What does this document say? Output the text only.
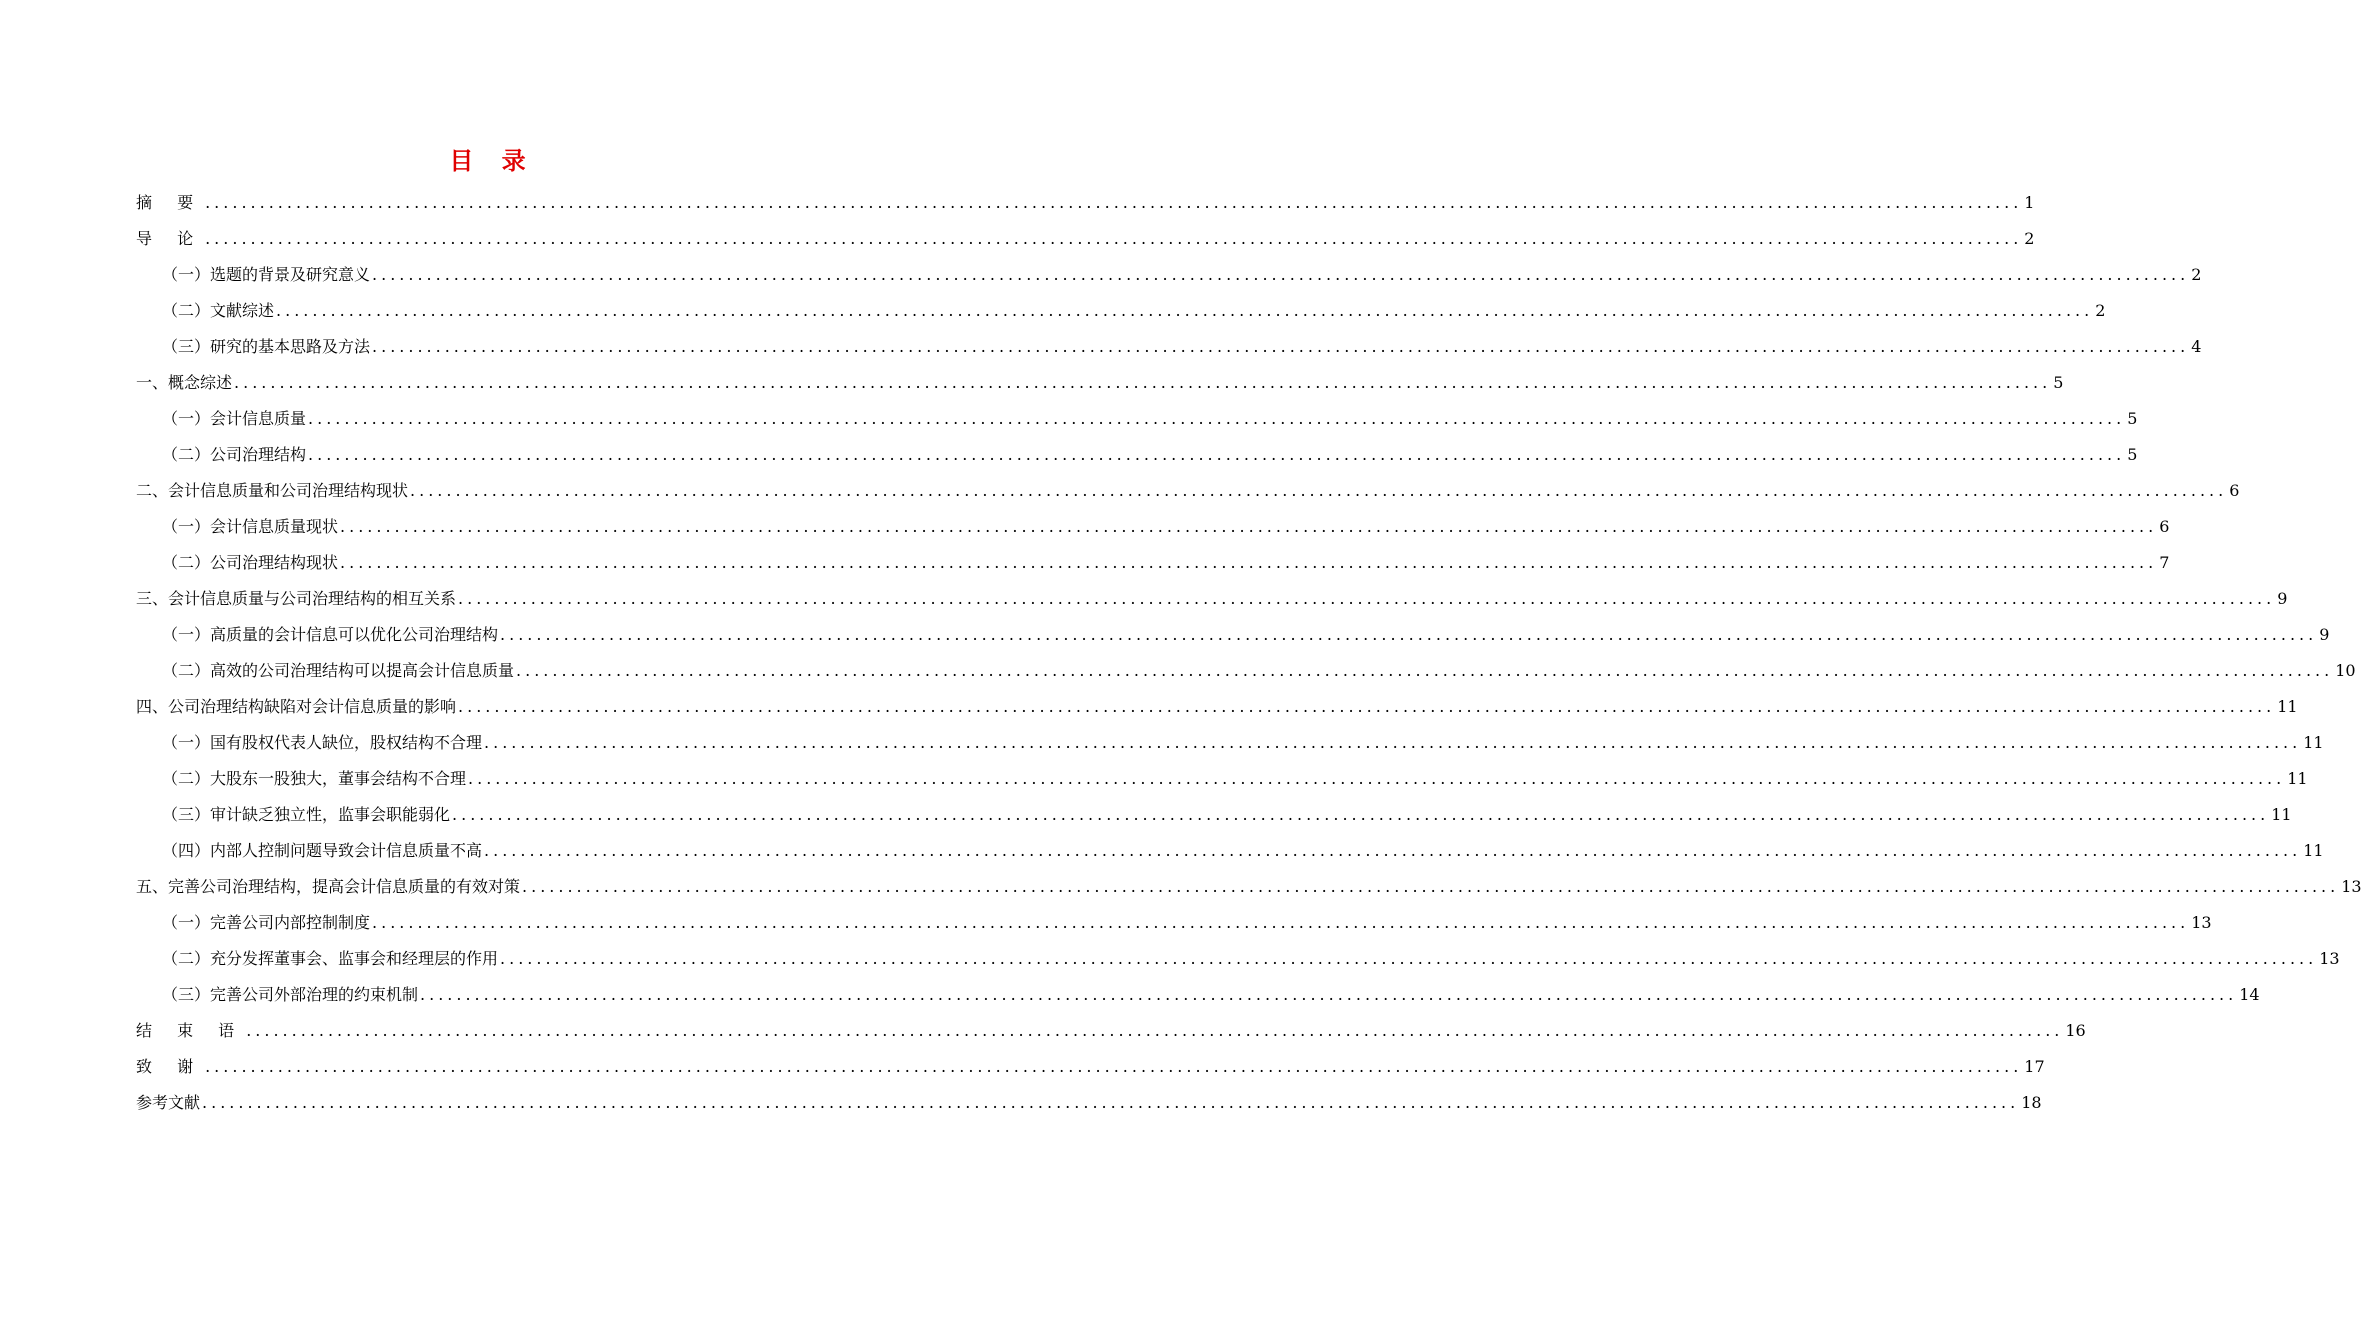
目 录
摘 要 ........................................................................................................................................................................................................ 1
导 论 ........................................................................................................................................................................................................ 2
（一）选题的背景及研究意义 ........................................................................................................................................................................................................ 2
（二）文献综述 ........................................................................................................................................................................................................ 2
（三）研究的基本思路及方法 ........................................................................................................................................................................................................ 4
一、概念综述 ........................................................................................................................................................................................................ 5
（一）会计信息质量 ........................................................................................................................................................................................................ 5
（二）公司治理结构 ........................................................................................................................................................................................................ 5
二、会计信息质量和公司治理结构现状 ........................................................................................................................................................................................................ 6
（一）会计信息质量现状 ........................................................................................................................................................................................................ 6
（二）公司治理结构现状 ........................................................................................................................................................................................................ 7
三、会计信息质量与公司治理结构的相互关系 ........................................................................................................................................................................................................ 9
（一）高质量的会计信息可以优化公司治理结构 ........................................................................................................................................................................................................ 9
（二）高效的公司治理结构可以提高会计信息质量 ........................................................................................................................................................................................................ 10
四、公司治理结构缺陷对会计信息质量的影响 ........................................................................................................................................................................................................ 11
（一）国有股权代表人缺位，股权结构不合理 ........................................................................................................................................................................................................ 11
（二）大股东一股独大，董事会结构不合理 ........................................................................................................................................................................................................ 11
（三）审计缺乏独立性，监事会职能弱化 ........................................................................................................................................................................................................ 11
（四）内部人控制问题导致会计信息质量不高 ........................................................................................................................................................................................................ 11
五、完善公司治理结构，提高会计信息质量的有效对策 ........................................................................................................................................................................................................ 13
（一）完善公司内部控制制度 ........................................................................................................................................................................................................ 13
（二）充分发挥董事会、监事会和经理层的作用 ........................................................................................................................................................................................................ 13
（三）完善公司外部治理的约束机制 ........................................................................................................................................................................................................ 14
结 束 语 ........................................................................................................................................................................................................ 16
致 谢 ........................................................................................................................................................................................................ 17
参考文献 ........................................................................................................................................................................................................ 18
